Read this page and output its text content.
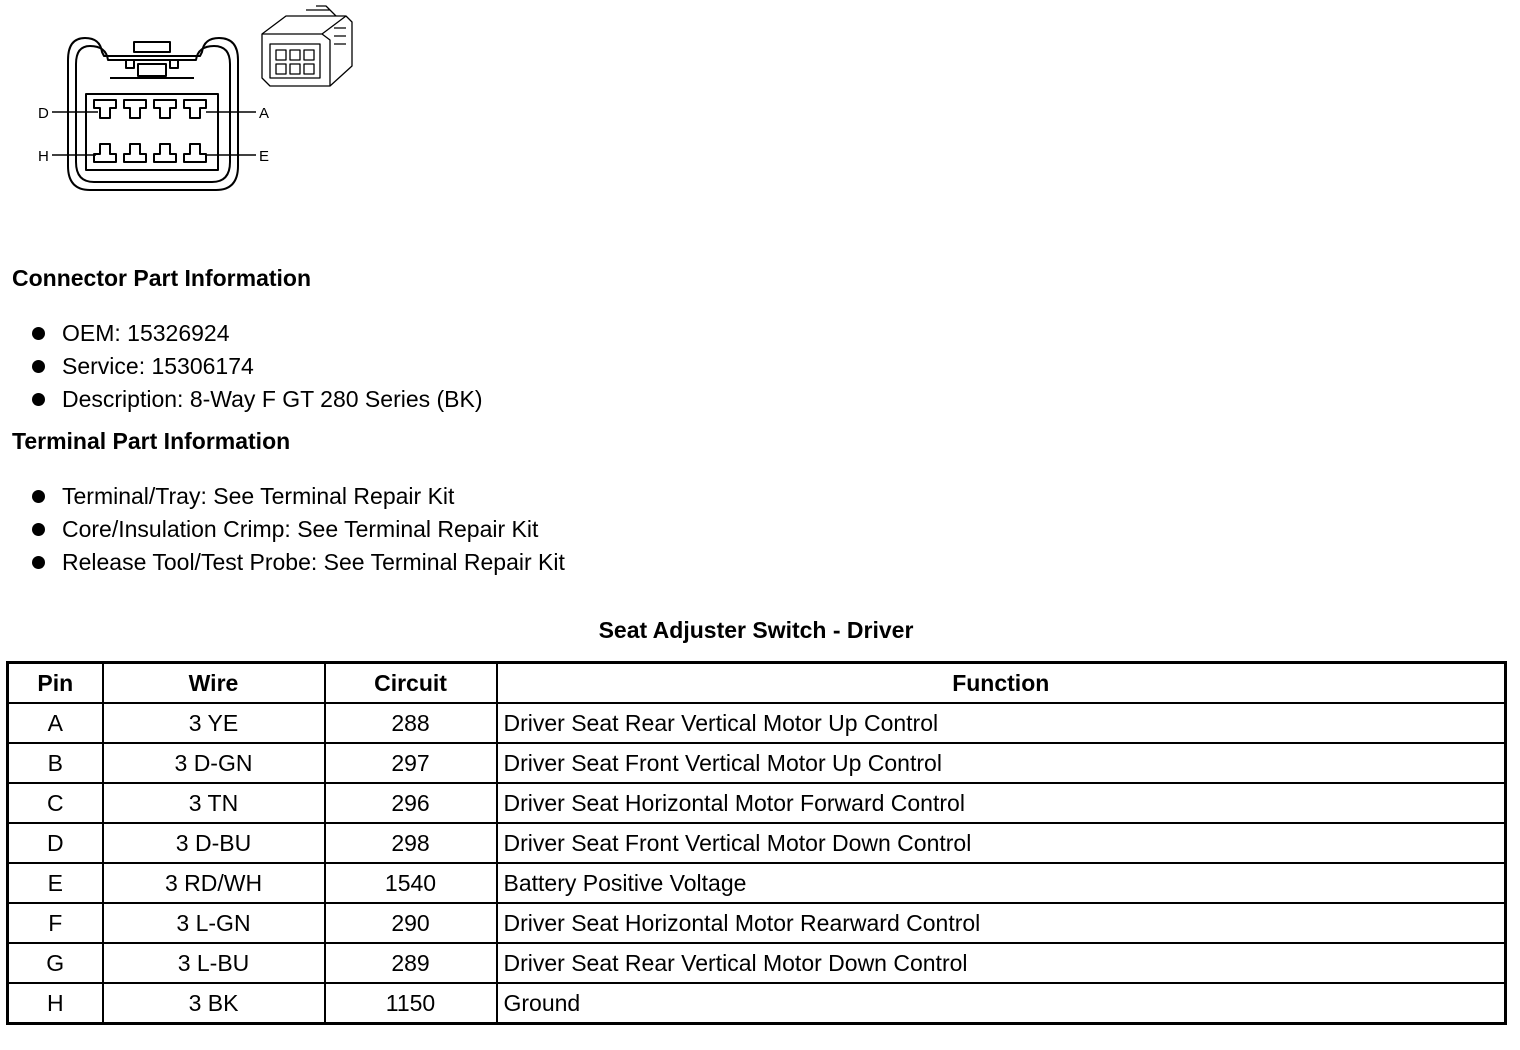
D	A
H	E
Connector Part Information
OEM: 15326924
Service: 15306174
Description: 8-Way F GT 280 Series (BK)
Terminal Part Information
Terminal/Tray: See Terminal Repair Kit
Core/Insulation Crimp: See Terminal Repair Kit
Release Tool/Test Probe: See Terminal Repair Kit
Seat Adjuster Switch - Driver
Pin	Wire	Circuit	Function
A	3 YE	288	Driver Seat Rear Vertical Motor Up Control
B	3 D-GN	297	Driver Seat Front Vertical Motor Up Control
C	3 TN	296	Driver Seat Horizontal Motor Forward Control
D	3 D-BU	298	Driver Seat Front Vertical Motor Down Control
E	3 RD/WH	1540	Battery Positive Voltage
F	3 L-GN	290	Driver Seat Horizontal Motor Rearward Control
G	3 L-BU	289	Driver Seat Rear Vertical Motor Down Control
H	3 BK	1150	Ground
